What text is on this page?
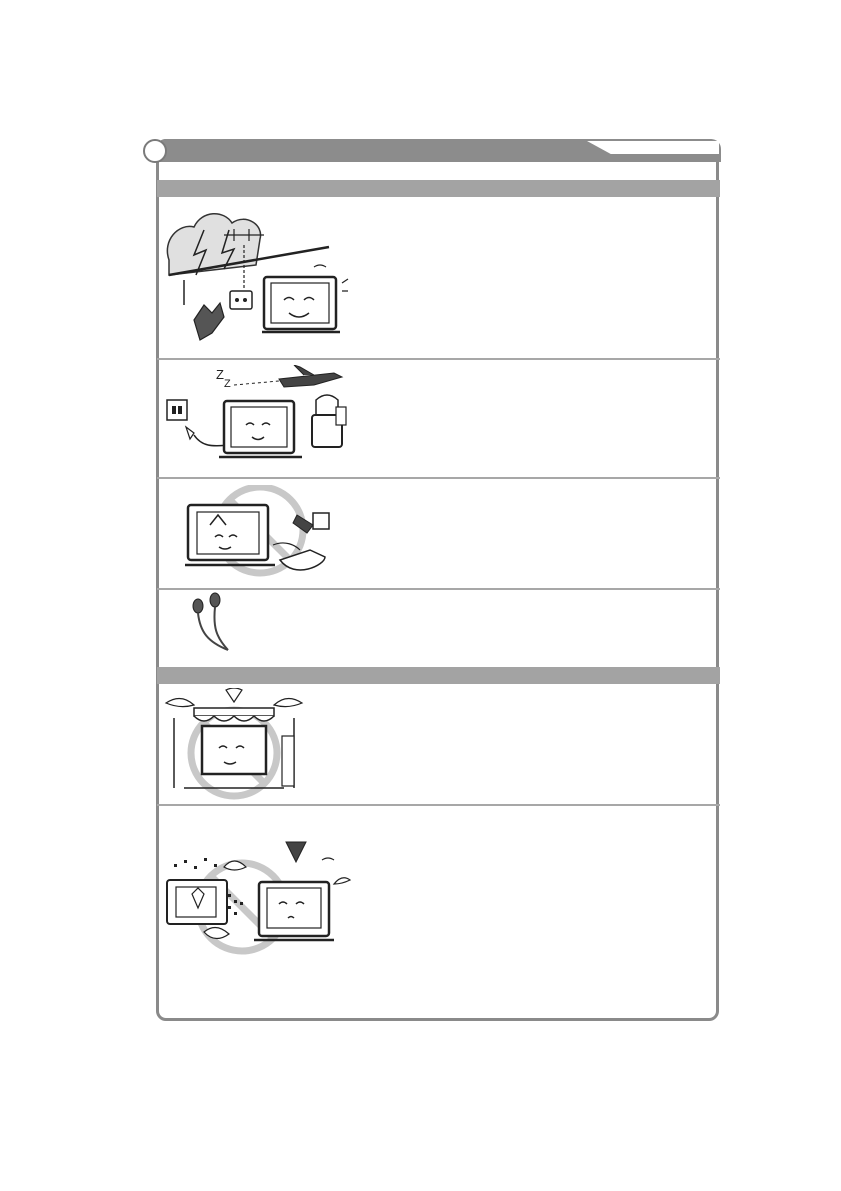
Z
Z
